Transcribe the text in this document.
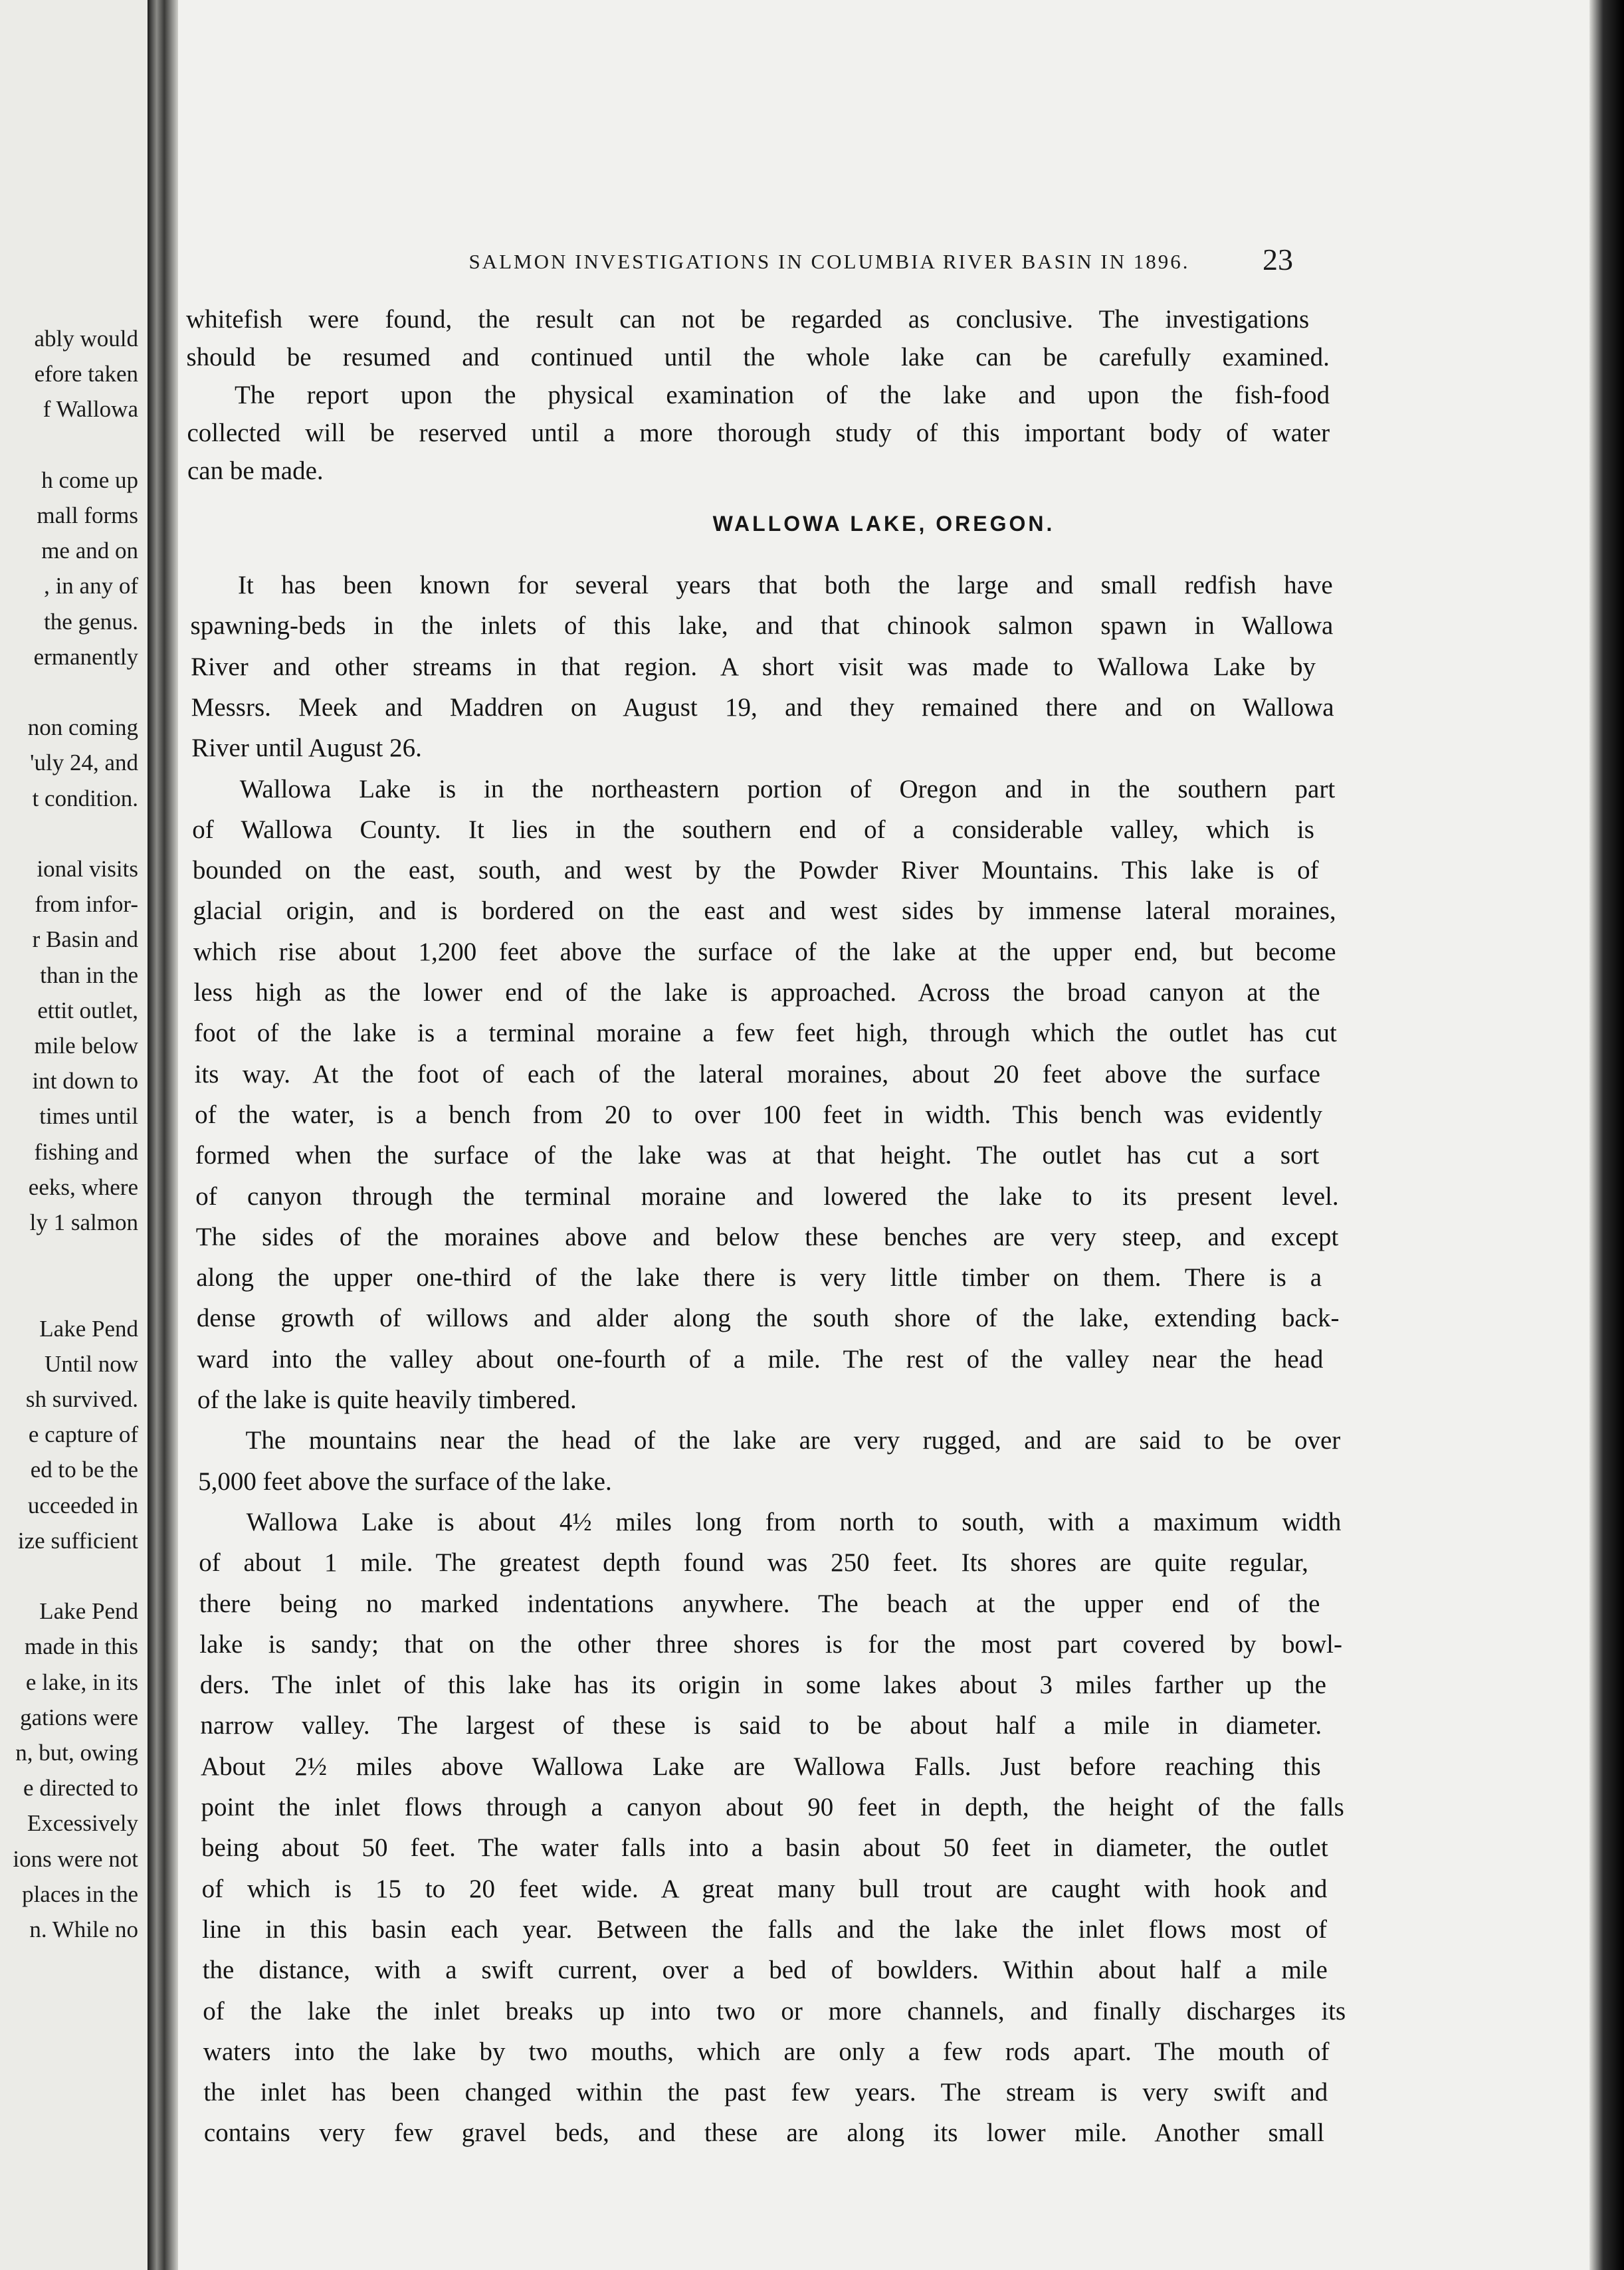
ably would
efore taken
f Wallowa
h come up
mall forms
me and on
, in any of
the genus.
ermanently
non coming
'uly 24, and
t condition.
ional visits
from infor-
r Basin and
than in the
ettit outlet,
mile below
int down to
times until
fishing and
eeks, where
ly 1 salmon
Lake Pend
Until now
sh survived.
e capture of
ed to be the
ucceeded in
ize sufficient
Lake Pend
made in this
e lake, in its
gations were
n, but, owing
e directed to
Excessively
ions were not
places in the
n. While no
SALMON INVESTIGATIONS IN COLUMBIA RIVER BASIN IN 1896.	23
whitefish were found, the result can not be regarded as conclusive. The investigations
should be resumed and continued until the whole lake can be carefully examined.
The report upon the physical examination of the lake and upon the fish-food
collected will be reserved until a more thorough study of this important body of water
can be made.
WALLOWA LAKE, OREGON.
It has been known for several years that both the large and small redfish have
spawning-beds in the inlets of this lake, and that chinook salmon spawn in Wallowa
River and other streams in that region. A short visit was made to Wallowa Lake by
Messrs. Meek and Maddren on August 19, and they remained there and on Wallowa
River until August 26.
Wallowa Lake is in the northeastern portion of Oregon and in the southern part
of Wallowa County. It lies in the southern end of a considerable valley, which is
bounded on the east, south, and west by the Powder River Mountains. This lake is of
glacial origin, and is bordered on the east and west sides by immense lateral moraines,
which rise about 1,200 feet above the surface of the lake at the upper end, but become
less high as the lower end of the lake is approached. Across the broad canyon at the
foot of the lake is a terminal moraine a few feet high, through which the outlet has cut
its way. At the foot of each of the lateral moraines, about 20 feet above the surface
of the water, is a bench from 20 to over 100 feet in width. This bench was evidently
formed when the surface of the lake was at that height. The outlet has cut a sort
of canyon through the terminal moraine and lowered the lake to its present level.
The sides of the moraines above and below these benches are very steep, and except
along the upper one-third of the lake there is very little timber on them. There is a
dense growth of willows and alder along the south shore of the lake, extending back-
ward into the valley about one-fourth of a mile. The rest of the valley near the head
of the lake is quite heavily timbered.
The mountains near the head of the lake are very rugged, and are said to be over
5,000 feet above the surface of the lake.
Wallowa Lake is about 4½ miles long from north to south, with a maximum width
of about 1 mile. The greatest depth found was 250 feet. Its shores are quite regular,
there being no marked indentations anywhere. The beach at the upper end of the
lake is sandy; that on the other three shores is for the most part covered by bowl-
ders. The inlet of this lake has its origin in some lakes about 3 miles farther up the
narrow valley. The largest of these is said to be about half a mile in diameter.
About 2½ miles above Wallowa Lake are Wallowa Falls. Just before reaching this
point the inlet flows through a canyon about 90 feet in depth, the height of the falls
being about 50 feet. The water falls into a basin about 50 feet in diameter, the outlet
of which is 15 to 20 feet wide. A great many bull trout are caught with hook and
line in this basin each year. Between the falls and the lake the inlet flows most of
the distance, with a swift current, over a bed of bowlders. Within about half a mile
of the lake the inlet breaks up into two or more channels, and finally discharges its
waters into the lake by two mouths, which are only a few rods apart. The mouth of
the inlet has been changed within the past few years. The stream is very swift and
contains very few gravel beds, and these are along its lower mile. Another small
